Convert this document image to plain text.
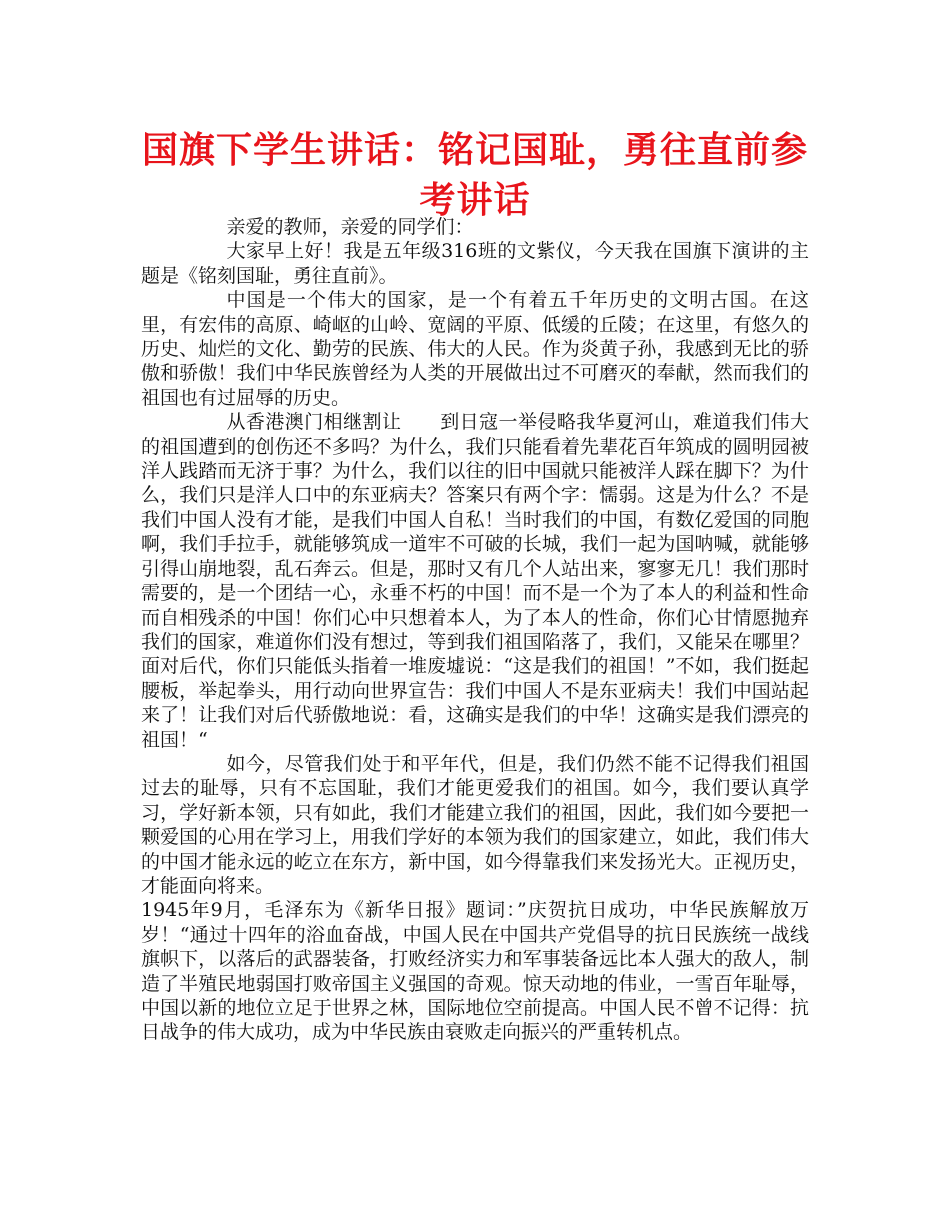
国旗下学生讲话：铭记国耻，勇往直前参考讲话

亲爱的教师，亲爱的同学们：

大家早上好！我是五年级316班的文紫仪，今天我在国旗下演讲的主题是《铭刻国耻，勇往直前》。

中国是一个伟大的国家，是一个有着五千年历史的文明古国。在这里，有宏伟的高原、崎岖的山岭、宽阔的平原、低缓的丘陵；在这里，有悠久的历史、灿烂的文化、勤劳的民族、伟大的人民。作为炎黄子孙，我感到无比的骄傲和骄傲！我们中华民族曾经为人类的开展做出过不可磨灭的奉献，然而我们的祖国也有过屈辱的历史。

从香港澳门相继割让　　到日寇一举侵略我华夏河山，难道我们伟大的祖国遭到的创伤还不多吗？为什么，我们只能看着先辈花百年筑成的圆明园被洋人践踏而无济于事？为什么，我们以往的旧中国就只能被洋人踩在脚下？为什么，我们只是洋人口中的东亚病夫？答案只有两个字：懦弱。这是为什么？不是我们中国人没有才能，是我们中国人自私！当时我们的中国，有数亿爱国的同胞啊，我们手拉手，就能够筑成一道牢不可破的长城，我们一起为国呐喊，就能够引得山崩地裂，乱石奔云。但是，那时又有几个人站出来，寥寥无几！我们那时需要的，是一个团结一心，永垂不朽的中国！而不是一个为了本人的利益和性命而自相残杀的中国！你们心中只想着本人，为了本人的性命，你们心甘情愿抛弃我们的国家，难道你们没有想过，等到我们祖国陷落了，我们，又能呆在哪里？面对后代，你们只能低头指着一堆废墟说：“这是我们的祖国！”不如，我们挺起腰板，举起拳头，用行动向世界宣告：我们中国人不是东亚病夫！我们中国站起来了！让我们对后代骄傲地说：看，这确实是我们的中华！这确实是我们漂亮的祖国！“

如今，尽管我们处于和平年代，但是，我们仍然不能不记得我们祖国过去的耻辱，只有不忘国耻，我们才能更爱我们的祖国。如今，我们要认真学习，学好新本领，只有如此，我们才能建立我们的祖国，因此，我们如今要把一颗爱国的心用在学习上，用我们学好的本领为我们的国家建立，如此，我们伟大的中国才能永远的屹立在东方，新中国，如今得靠我们来发扬光大。正视历史，才能面向将来。

1945年9月，毛泽东为《新华日报》题词：”庆贺抗日成功，中华民族解放万岁！“通过十四年的浴血奋战，中国人民在中国共产党倡导的抗日民族统一战线旗帜下，以落后的武器装备，打败经济实力和军事装备远比本人强大的敌人，制造了半殖民地弱国打败帝国主义强国的奇观。惊天动地的伟业，一雪百年耻辱，中国以新的地位立足于世界之林，国际地位空前提高。中国人民不曾不记得：抗日战争的伟大成功，成为中华民族由衰败走向振兴的严重转机点。
